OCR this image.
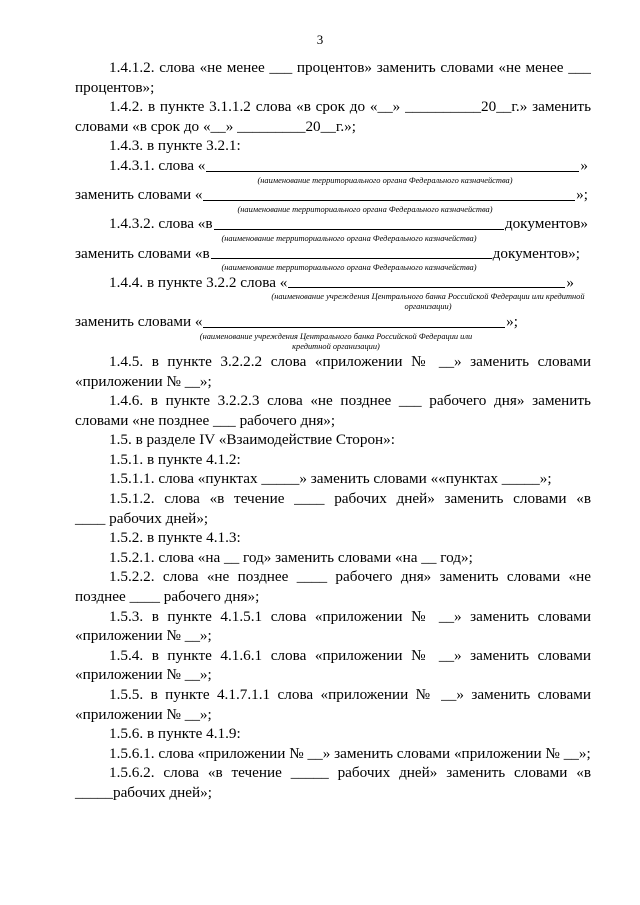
3
1.4.1.2. слова «не менее ___ процентов» заменить словами «не менее ___
процентов»;
1.4.2. в пункте 3.1.1.2 слова «в срок до «__» __________20__г.» заменить
словами «в срок до «__» _________20__г.»;
1.4.3. в пункте 3.2.1:
1.4.3.1. слова «	»
(наименование территориального органа Федерального казначейства)
заменить словами «	»;
(наименование территориального органа Федерального казначейства)
1.4.3.2. слова «в	документов»
(наименование территориального органа Федерального казначейства)
заменить словами «в	документов»;
(наименование территориального органа Федерального казначейства)
1.4.4. в пункте 3.2.2 слова «	»
(наименование учреждения Центрального банка Российской Федерации или кредитной организации)
заменить словами «	»;
(наименование учреждения Центрального банка Российской Федерации или кредитной организации)
1.4.5. в пункте 3.2.2.2 слова «приложении № __» заменить словами
«приложении № __»;
1.4.6. в пункте 3.2.2.3 слова «не позднее ___ рабочего дня» заменить
словами «не позднее ___ рабочего дня»;
1.5. в разделе IV «Взаимодействие Сторон»:
1.5.1. в пункте 4.1.2:
1.5.1.1. слова «пунктах _____» заменить словами ««пунктах _____»;
1.5.1.2. слова «в течение ____ рабочих дней» заменить словами «в
____ рабочих дней»;
1.5.2. в пункте 4.1.3:
1.5.2.1. слова «на __ год» заменить словами «на __ год»;
1.5.2.2. слова «не позднее ____ рабочего дня» заменить словами «не
позднее ____ рабочего дня»;
1.5.3. в пункте 4.1.5.1 слова «приложении № __» заменить словами
«приложении № __»;
1.5.4. в пункте 4.1.6.1 слова «приложении № __» заменить словами
«приложении № __»;
1.5.5. в пункте 4.1.7.1.1 слова «приложении № __» заменить словами
«приложении № __»;
1.5.6. в пункте 4.1.9:
1.5.6.1. слова «приложении № __» заменить словами «приложении № __»;
1.5.6.2. слова «в течение _____ рабочих дней» заменить словами «в
_____рабочих дней»;
